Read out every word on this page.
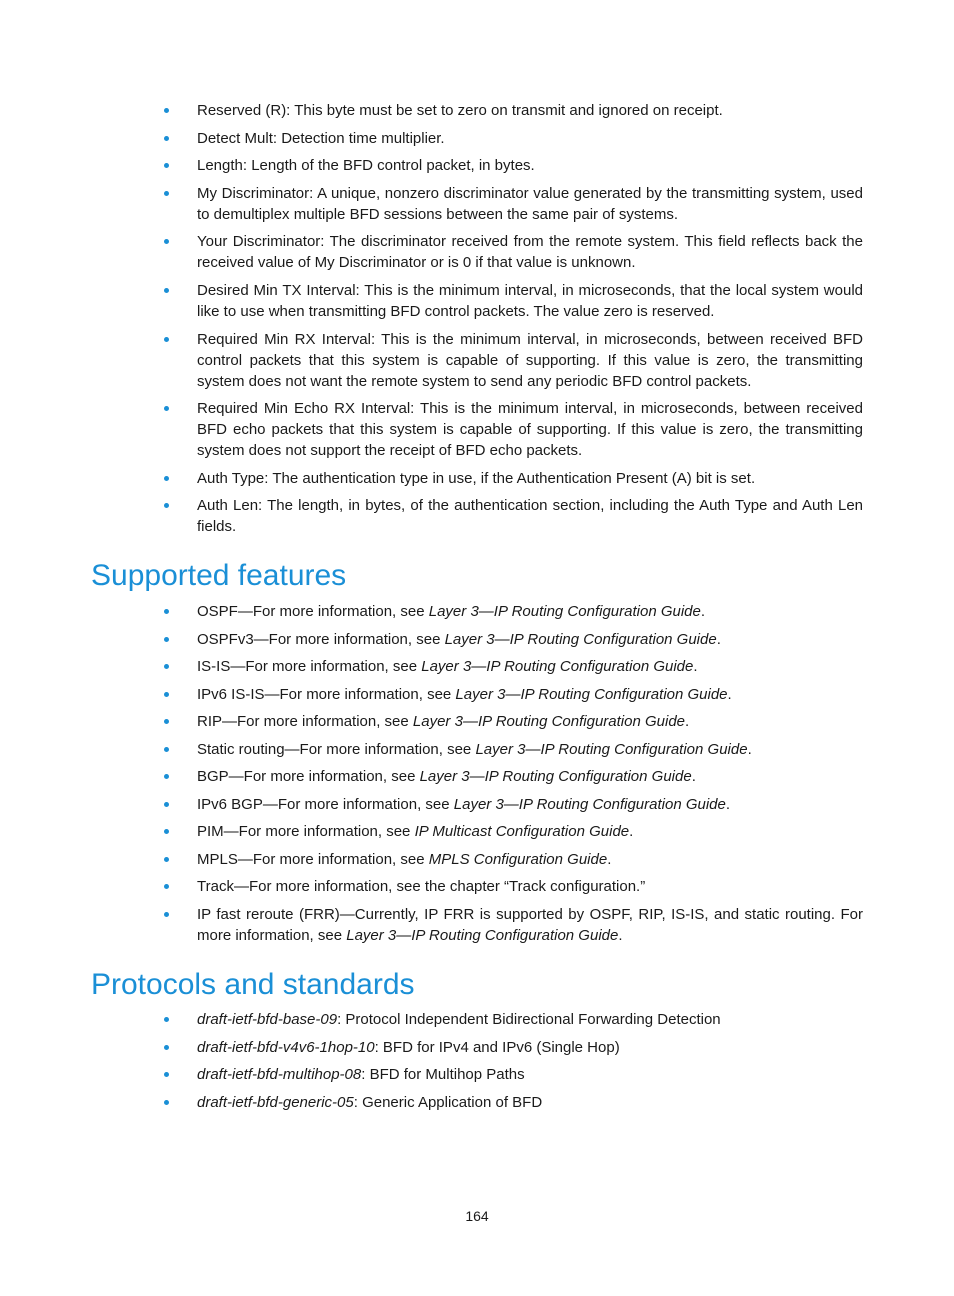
Reserved (R): This byte must be set to zero on transmit and ignored on receipt.
Detect Mult: Detection time multiplier.
Length: Length of the BFD control packet, in bytes.
My Discriminator: A unique, nonzero discriminator value generated by the transmitting system, used to demultiplex multiple BFD sessions between the same pair of systems.
Your Discriminator: The discriminator received from the remote system. This field reflects back the received value of My Discriminator or is 0 if that value is unknown.
Desired Min TX Interval: This is the minimum interval, in microseconds, that the local system would like to use when transmitting BFD control packets. The value zero is reserved.
Required Min RX Interval: This is the minimum interval, in microseconds, between received BFD control packets that this system is capable of supporting. If this value is zero, the transmitting system does not want the remote system to send any periodic BFD control packets.
Required Min Echo RX Interval: This is the minimum interval, in microseconds, between received BFD echo packets that this system is capable of supporting. If this value is zero, the transmitting system does not support the receipt of BFD echo packets.
Auth Type: The authentication type in use, if the Authentication Present (A) bit is set.
Auth Len: The length, in bytes, of the authentication section, including the Auth Type and Auth Len fields.
Supported features
OSPF—For more information, see Layer 3—IP Routing Configuration Guide.
OSPFv3—For more information, see Layer 3—IP Routing Configuration Guide.
IS-IS—For more information, see Layer 3—IP Routing Configuration Guide.
IPv6 IS-IS—For more information, see Layer 3—IP Routing Configuration Guide.
RIP—For more information, see Layer 3—IP Routing Configuration Guide.
Static routing—For more information, see Layer 3—IP Routing Configuration Guide.
BGP—For more information, see Layer 3—IP Routing Configuration Guide.
IPv6 BGP—For more information, see Layer 3—IP Routing Configuration Guide.
PIM—For more information, see IP Multicast Configuration Guide.
MPLS—For more information, see MPLS Configuration Guide.
Track—For more information, see the chapter “Track configuration.”
IP fast reroute (FRR)—Currently, IP FRR is supported by OSPF, RIP, IS-IS, and static routing. For more information, see Layer 3—IP Routing Configuration Guide.
Protocols and standards
draft-ietf-bfd-base-09: Protocol Independent Bidirectional Forwarding Detection
draft-ietf-bfd-v4v6-1hop-10: BFD for IPv4 and IPv6 (Single Hop)
draft-ietf-bfd-multihop-08: BFD for Multihop Paths
draft-ietf-bfd-generic-05: Generic Application of BFD
164
